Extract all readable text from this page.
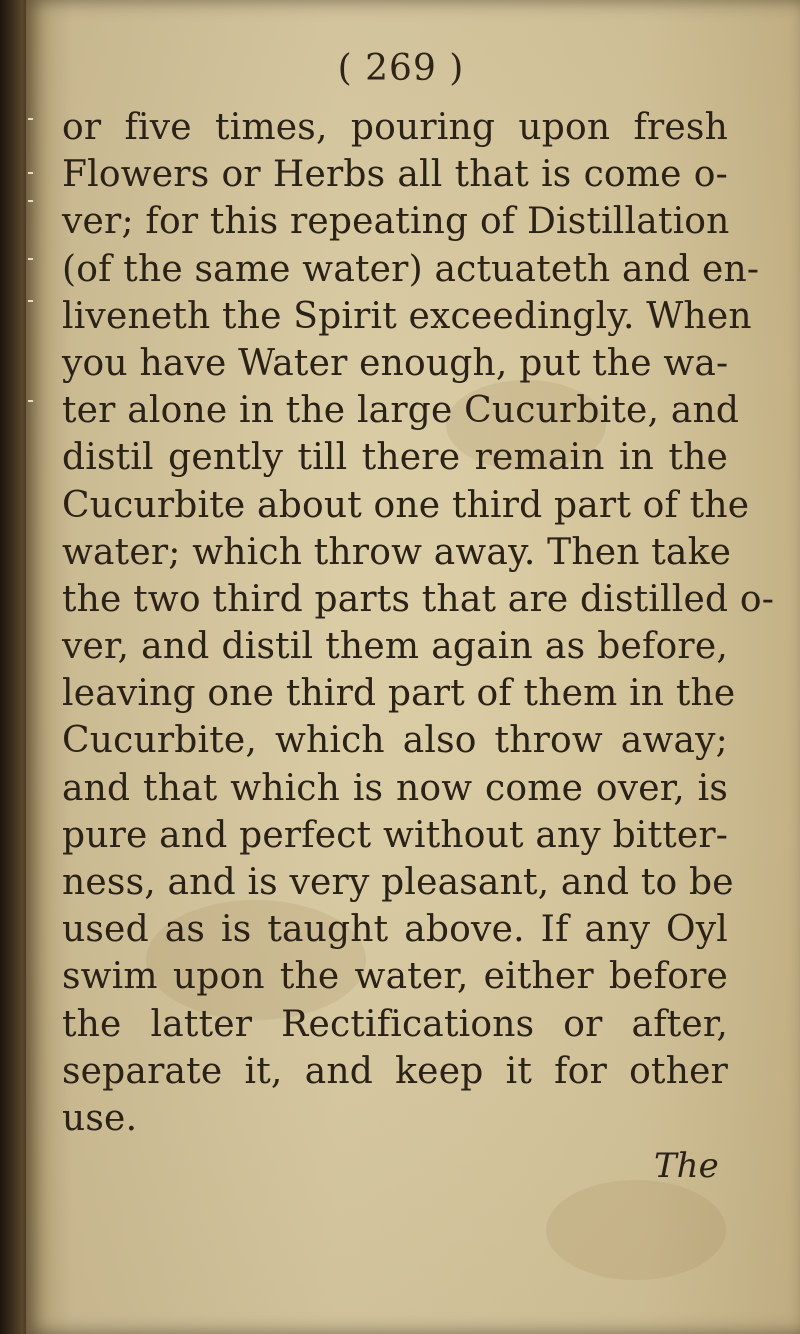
( 269 )
or five times, pouring upon fresh
Flowers or Herbs all that is come o-
ver; for this repeating of Distillation
(of the same water) actuateth and en-
liveneth the Spirit exceedingly. When
you have Water enough, put the wa-
ter alone in the large Cucurbite, and
distil gently till there remain in the
Cucurbite about one third part of the
water; which throw away. Then take
the two third parts that are distilled o-
ver, and distil them again as before,
leaving one third part of them in the
Cucurbite, which also throw away;
and that which is now come over, is
pure and perfect without any bitter-
ness, and is very pleasant, and to be
used as is taught above. If any Oyl
swim upon the water, either before
the latter Rectifications or after,
separate it, and keep it for other
use.

The
